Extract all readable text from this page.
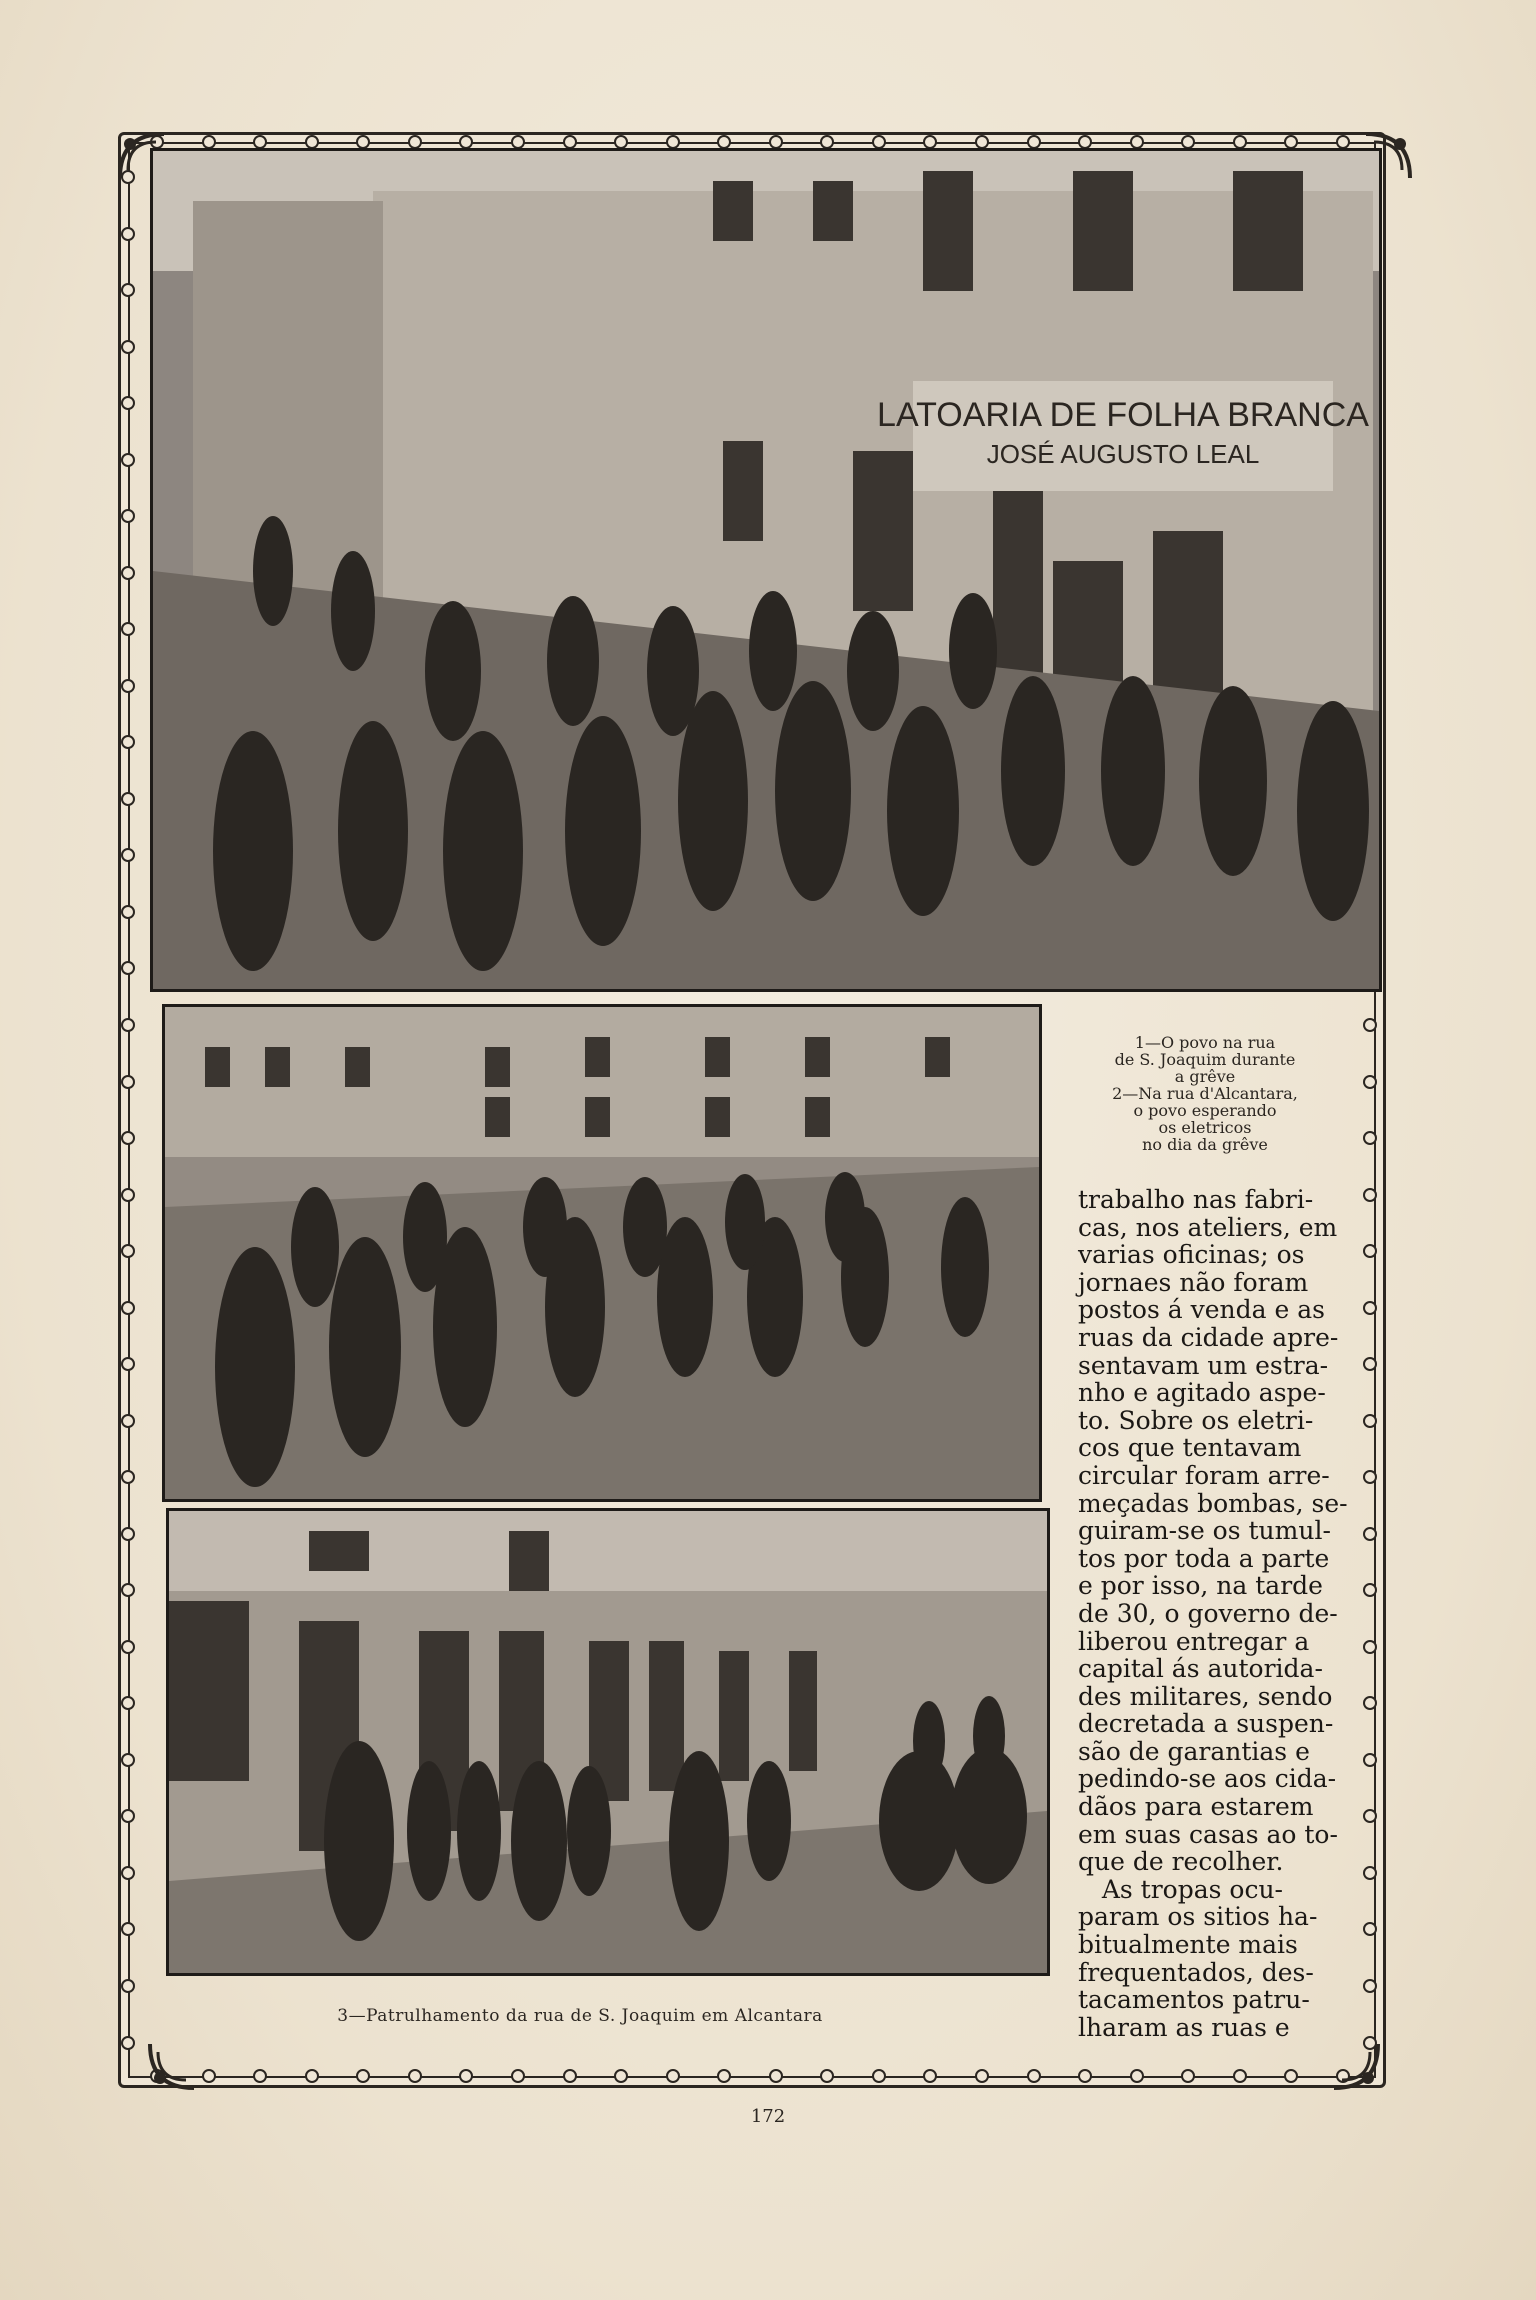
LATOARIA DE FOLHA BRANCA
JOSÉ AUGUSTO LEAL
1—O povo na rua
de S. Joaquim durante
a grêve
2—Na rua d'Alcantara,
o povo esperando
os eletricos
no dia da grêve
trabalho nas fabri-
cas, nos ateliers, em
varias oficinas; os
jornaes não foram
postos á venda e as
ruas da cidade apre-
sentavam um estra-
nho e agitado aspe-
to. Sobre os eletri-
cos que tentavam
circular foram arre-
meçadas bombas, se-
guiram-se os tumul-
tos por toda a parte
e por isso, na tarde
de 30, o governo de-
liberou entregar a
capital ás autorida-
des militares, sendo
decretada a suspen-
são de garantias e
pedindo-se aos cida-
dãos para estarem
em suas casas ao to-
que de recolher.
As tropas ocu-
param os sitios ha-
bitualmente mais
frequentados, des-
tacamentos patru-
lharam as ruas e
3—Patrulhamento da rua de S. Joaquim em Alcantara
172
